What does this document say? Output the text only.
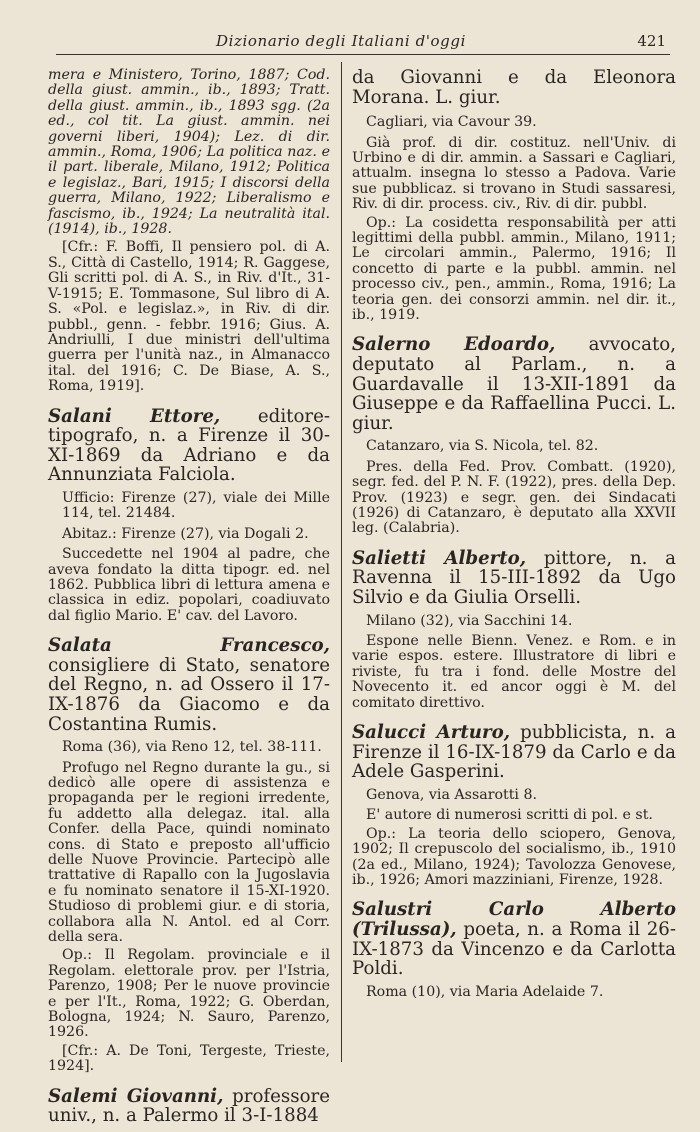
Dizionario degli Italiani d'oggi	421

mera e Ministero, Torino, 1887; Cod. della giust. ammin., ib., 1893; Tratt. della giust. ammin., ib., 1893 sgg. (2a ed., col tit. La giust. ammin. nei governi liberi, 1904); Lez. di dir. ammin., Roma, 1906; La politica naz. e il part. liberale, Milano, 1912; Politica e legislaz., Bari, 1915; I discorsi della guerra, Milano, 1922; Liberalismo e fascismo, ib., 1924; La neutralità ital. (1914), ib., 1928.

[Cfr.: F. Boffi, Il pensiero pol. di A. S., Città di Castello, 1914; R. Gaggese, Gli scritti pol. di A. S., in Riv. d'It., 31-V-1915; E. Tommasone, Sul libro di A. S. «Pol. e legislaz.», in Riv. di dir. pubbl., genn. - febbr. 1916; Gius. A. Andriulli, I due ministri dell'ultima guerra per l'unità naz., in Almanacco ital. del 1916; C. De Biase, A. S., Roma, 1919].

Salani Ettore, editore-tipografo, n. a Firenze il 30-XI-1869 da Adriano e da Annunziata Falciola.

Ufficio: Firenze (27), viale dei Mille 114, tel. 21484.

Abitaz.: Firenze (27), via Dogali 2.

Succedette nel 1904 al padre, che aveva fondato la ditta tipogr. ed. nel 1862. Pubblica libri di lettura amena e classica in ediz. popolari, coadiuvato dal figlio Mario. E' cav. del Lavoro.

Salata Francesco, consigliere di Stato, senatore del Regno, n. ad Ossero il 17-IX-1876 da Giacomo e da Costantina Rumis.

Roma (36), via Reno 12, tel. 38-111.

Profugo nel Regno durante la gu., si dedicò alle opere di assistenza e propaganda per le regioni irredente, fu addetto alla delegaz. ital. alla Confer. della Pace, quindi nominato cons. di Stato e preposto all'ufficio delle Nuove Provincie. Partecipò alle trattative di Rapallo con la Jugoslavia e fu nominato senatore il 15-XI-1920. Studioso di problemi giur. e di storia, collabora alla N. Antol. ed al Corr. della sera.

Op.: Il Regolam. provinciale e il Regolam. elettorale prov. per l'Istria, Parenzo, 1908; Per le nuove provincie e per l'It., Roma, 1922; G. Oberdan, Bologna, 1924; N. Sauro, Parenzo, 1926.

[Cfr.: A. De Toni, Tergeste, Trieste, 1924].

Salemi Giovanni, professore univ., n. a Palermo il 3-I-1884

da Giovanni e da Eleonora Morana. L. giur.

Cagliari, via Cavour 39.

Già prof. di dir. costituz. nell'Univ. di Urbino e di dir. ammin. a Sassari e Cagliari, attualm. insegna lo stesso a Padova. Varie sue pubblicaz. si trovano in Studi sassaresi, Riv. di dir. process. civ., Riv. di dir. pubbl.

Op.: La cosidetta responsabilità per atti legittimi della pubbl. ammin., Milano, 1911; Le circolari ammin., Palermo, 1916; Il concetto di parte e la pubbl. ammin. nel processo civ., pen., ammin., Roma, 1916; La teoria gen. dei consorzi ammin. nel dir. it., ib., 1919.

Salerno Edoardo, avvocato, deputato al Parlam., n. a Guardavalle il 13-XII-1891 da Giuseppe e da Raffaellina Pucci. L. giur.

Catanzaro, via S. Nicola, tel. 82.

Pres. della Fed. Prov. Combatt. (1920), segr. fed. del P. N. F. (1922), pres. della Dep. Prov. (1923) e segr. gen. dei Sindacati (1926) di Catanzaro, è deputato alla XXVII leg. (Calabria).

Salietti Alberto, pittore, n. a Ravenna il 15-III-1892 da Ugo Silvio e da Giulia Orselli.

Milano (32), via Sacchini 14.

Espone nelle Bienn. Venez. e Rom. e in varie espos. estere. Illustratore di libri e riviste, fu tra i fond. delle Mostre del Novecento it. ed ancor oggi è M. del comitato direttivo.

Salucci Arturo, pubblicista, n. a Firenze il 16-IX-1879 da Carlo e da Adele Gasperini.

Genova, via Assarotti 8.

E' autore di numerosi scritti di pol. e st.

Op.: La teoria dello sciopero, Genova, 1902; Il crepuscolo del socialismo, ib., 1910 (2a ed., Milano, 1924); Tavolozza Genovese, ib., 1926; Amori mazziniani, Firenze, 1928.

Salustri Carlo Alberto (Trilussa), poeta, n. a Roma il 26-IX-1873 da Vincenzo e da Carlotta Poldi.

Roma (10), via Maria Adelaide 7.
